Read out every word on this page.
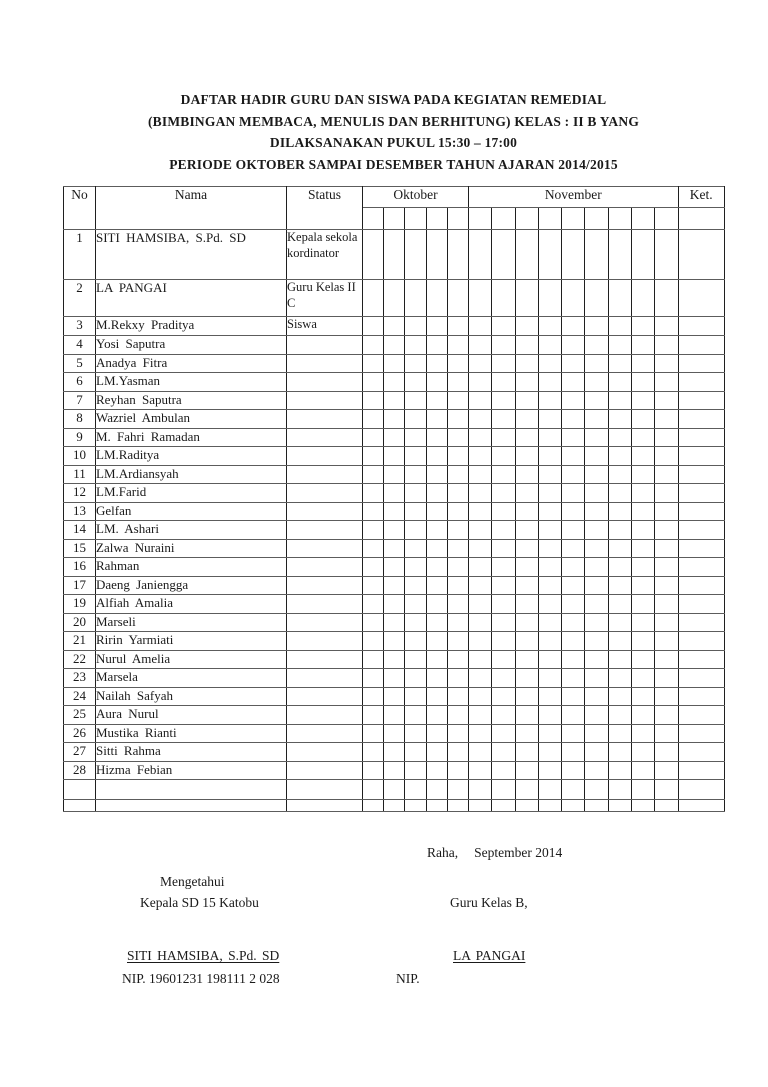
DAFTAR HADIR GURU DAN SISWA PADA KEGIATAN REMEDIAL
(BIMBINGAN MEMBACA, MENULIS DAN BERHITUNG) KELAS : II B YANG
DILAKSANAKAN PUKUL 15:30 – 17:00
PERIODE OKTOBER SAMPAI DESEMBER TAHUN AJARAN 2014/2015
No	Nama	Status	Oktober					November									Ket.

1	SITI HAMSIBA, S.Pd. SD	Kepala sekola kordinator															
2	LA PANGAI	Guru Kelas II C															
3	M.Rekxy Praditya	Siswa															
4	Yosi Saputra																
5	Anadya Fitra																
6	LM.Yasman																
7	Reyhan Saputra																
8	Wazriel Ambulan																
9	M. Fahri Ramadan																
10	LM.Raditya																
11	LM.Ardiansyah																
12	LM.Farid																
13	Gelfan																
14	LM. Ashari																
15	Zalwa Nuraini																
16	Rahman																
17	Daeng Janiengga																
19	Alfiah Amalia																
20	Marseli																
21	Ririn Yarmiati																
22	Nurul Amelia																
23	Marsela																
24	Nailah Safyah																
25	Aura Nurul																
26	Mustika Rianti																
27	Sitti Rahma																
28	Hizma Febian																

Raha, September 2014
Mengetahui
Kepala SD 15 Katobu	Guru Kelas B,
SITI HAMSIBA, S.Pd. SD	LA PANGAI
NIP. 19601231 198111 2 028	NIP.
